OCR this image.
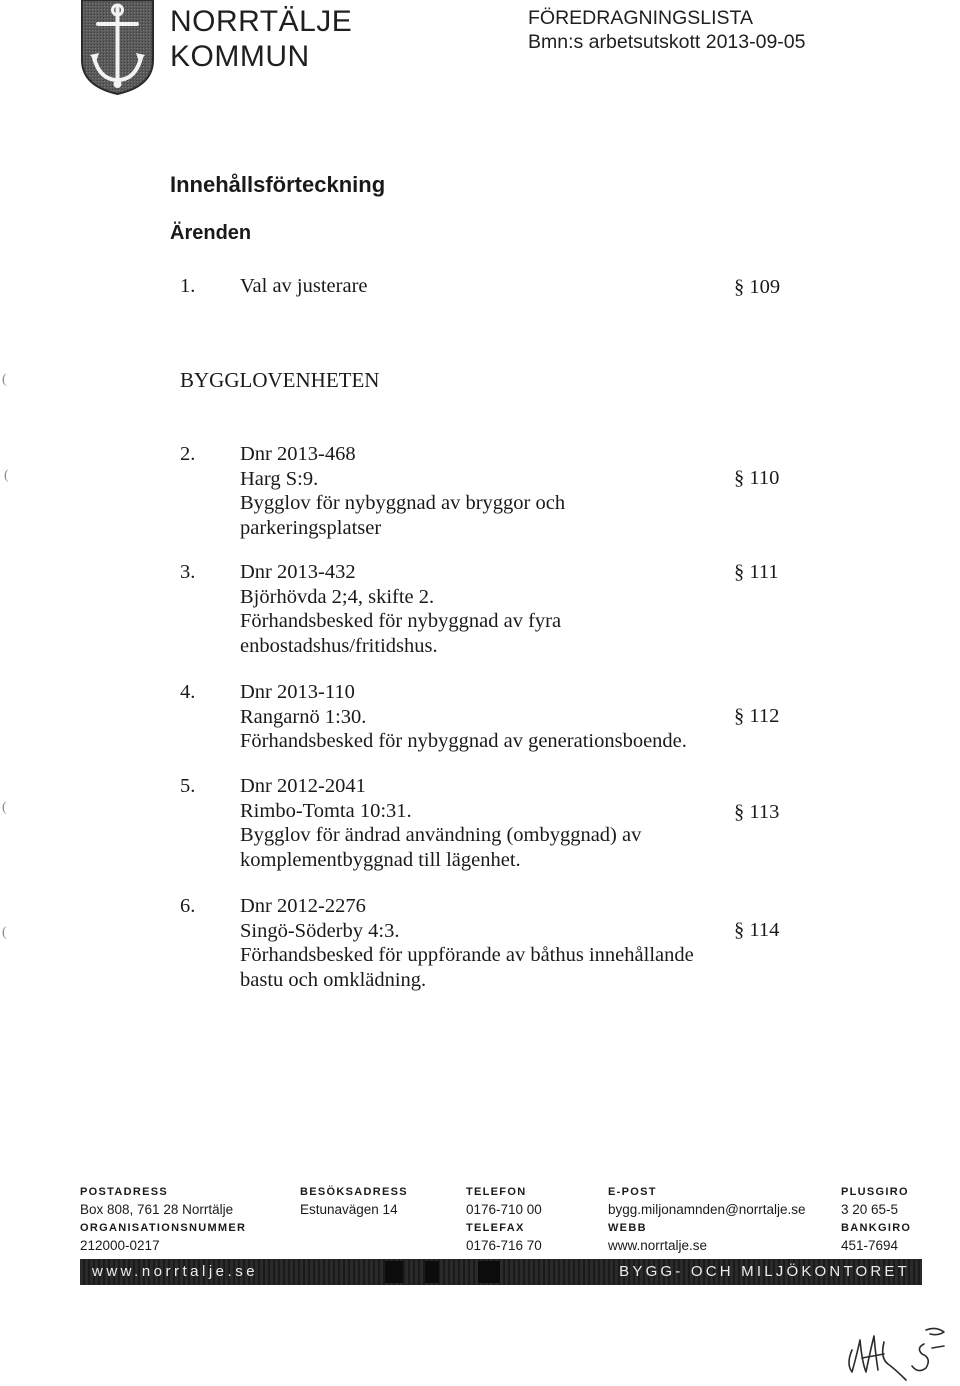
NORRTÄLJE
KOMMUN
FÖREDRAGNINGSLISTA
Bmn:s arbetsutskott 2013-09-05
Innehållsförteckning
Ärenden
1. Val av justerare	§ 109
BYGGLOVENHETEN
2. Dnr 2013-468
Harg S:9.
Bygglov för nybyggnad av bryggor och
parkeringsplatser
§ 110
3. Dnr 2013-432
Björhövda 2;4, skifte 2.
Förhandsbesked för nybyggnad av fyra
enbostadshus/fritidshus.
§ 111
4. Dnr 2013-110
Rangarnö 1:30.
Förhandsbesked för nybyggnad av generationsboende.
§ 112
5. Dnr 2012-2041
Rimbo-Tomta 10:31.
Bygglov för ändrad användning (ombyggnad) av
komplementbyggnad till lägenhet.
§ 113
6. Dnr 2012-2276
Singö-Söderby 4:3.
Förhandsbesked för uppförande av båthus innehållande
bastu och omklädning.
§ 114
(
(
(
(
POSTADRESS
Box 808, 761 28 Norrtälje
ORGANISATIONSNUMMER
212000-0217
BESÖKSADRESS
Estunavägen 14
TELEFON
0176-710 00
TELEFAX
0176-716 70
E-POST
bygg.miljonamnden@norrtalje.se
WEBB
www.norrtalje.se
PLUSGIRO
3 20 65-5
BANKGIRO
451-7694
www.norrtalje.se	BYGG- OCH MILJÖKONTORET
